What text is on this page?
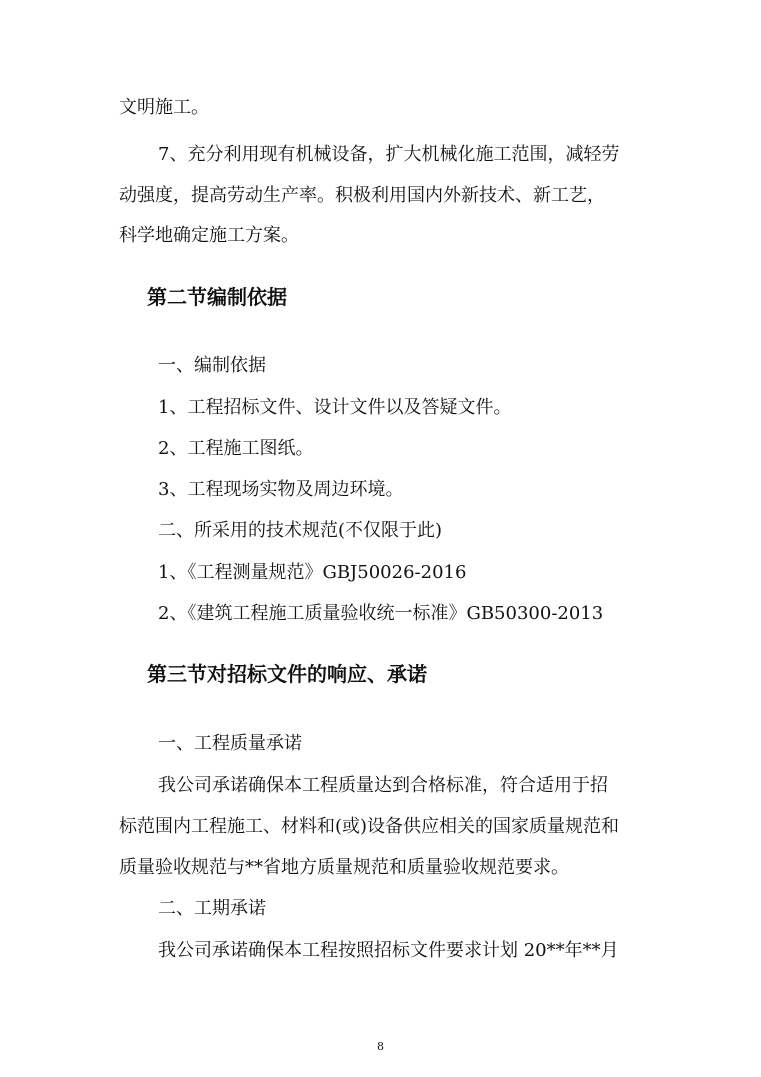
文明施工。
7、充分利用现有机械设备，扩大机械化施工范围，减轻劳
动强度，提高劳动生产率。积极利用国内外新技术、新工艺，
科学地确定施工方案。
第二节编制依据
一、编制依据
1、工程招标文件、设计文件以及答疑文件。
2、工程施工图纸。
3、工程现场实物及周边环境。
二、所采用的技术规范(不仅限于此)
1、《工程测量规范》GBJ50026-2016
2、《建筑工程施工质量验收统一标准》GB50300-2013
第三节对招标文件的响应、承诺
一、工程质量承诺
我公司承诺确保本工程质量达到合格标准，符合适用于招
标范围内工程施工、材料和(或)设备供应相关的国家质量规范和
质量验收规范与**省地方质量规范和质量验收规范要求。
二、工期承诺
我公司承诺确保本工程按照招标文件要求计划 20**年**月
8
